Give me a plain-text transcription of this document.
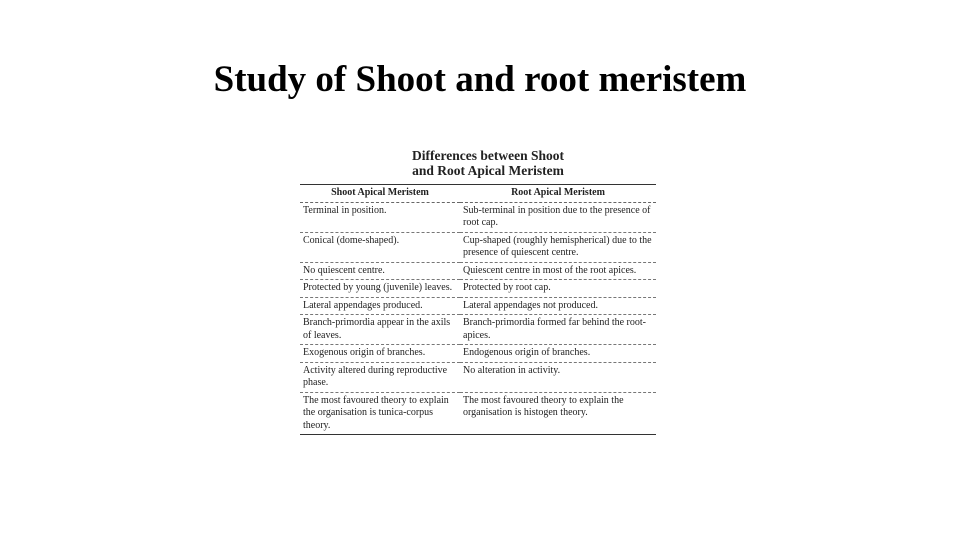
Study of Shoot and root meristem
Differences between Shoot
and Root Apical Meristem
Shoot Apical Meristem	Root Apical Meristem
Terminal in position.	Sub-terminal in position due to the presence of root cap.
Conical (dome-shaped).	Cup-shaped (roughly hemispherical) due to the presence of quiescent centre.
No quiescent centre.	Quiescent centre in most of the root apices.
Protected by young (juvenile) leaves.	Protected by root cap.
Lateral appendages produced.	Lateral appendages not produced.
Branch-primordia appear in the axils of leaves.	Branch-primordia formed far behind the root-apices.
Exogenous origin of branches.	Endogenous origin of branches.
Activity altered during reproductive phase.	No alteration in activity.
The most favoured theory to explain the organisation is tunica-corpus theory.	The most favoured theory to explain the organisation is histogen theory.
